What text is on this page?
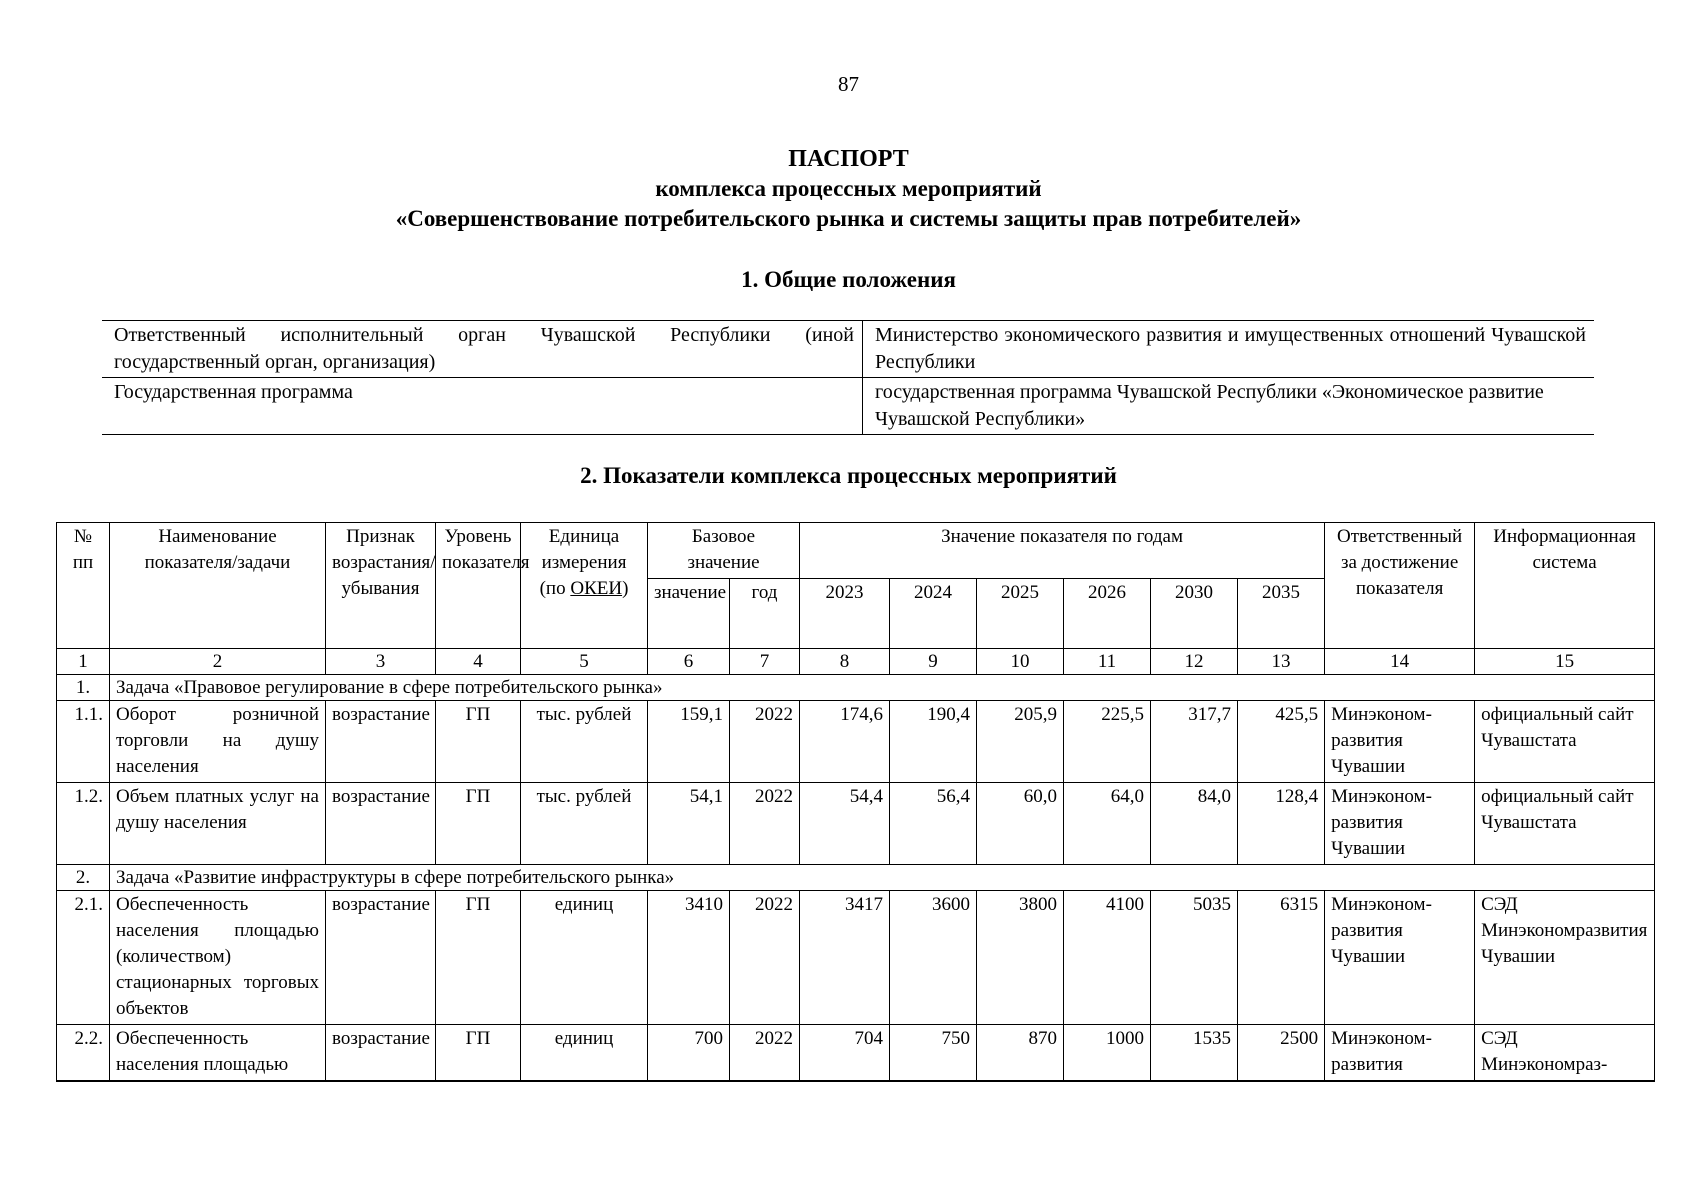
87
ПАСПОРТ
комплекса процессных мероприятий
«Совершенствование потребительского рынка и системы защиты прав потребителей»
1. Общие положения
Ответственный исполнительный орган Чувашской Республики (иной государственный орган, организация)	Министерство экономического развития и имущественных отношений Чувашской Республики
Государственная программа	государственная программа Чувашской Республики «Экономическое развитие Чувашской Республики»
2. Показатели комплекса процессных мероприятий
№ пп	Наименование показателя/задачи	Признак возрастания/ убывания	Уровень показателя	Единица измерения (по ОКЕИ)	Базовое значение		Значение показателя по годам						Ответственный за достижение показателя	Информационная система
					значение	год	2023	2024	2025	2026	2030	2035		
1	2	3	4	5	6	7	8	9	10	11	12	13	14	15
1.	Задача «Правовое регулирование в сфере потребительского рынка»													
1.1.	Оборот розничной торговли на душу населения	возрастание	ГП	тыс. рублей	159,1	2022	174,6	190,4	205,9	225,5	317,7	425,5	Минэконом-развития Чувашии	официальный сайт Чувашстата
1.2.	Объем платных услуг на душу населения	возрастание	ГП	тыс. рублей	54,1	2022	54,4	56,4	60,0	64,0	84,0	128,4	Минэконом-развития Чувашии	официальный сайт Чувашстата
2.	Задача «Развитие инфраструктуры в сфере потребительского рынка»													
2.1.	Обеспеченность населения площадью (количеством) стационарных торговых объектов	возрастание	ГП	единиц	3410	2022	3417	3600	3800	4100	5035	6315	Минэконом-развития Чувашии	СЭД Минэкономразвития Чувашии
2.2.	Обеспеченность населения площадью	возрастание	ГП	единиц	700	2022	704	750	870	1000	1535	2500	Минэконом-развития	СЭД Минэкономраз-
